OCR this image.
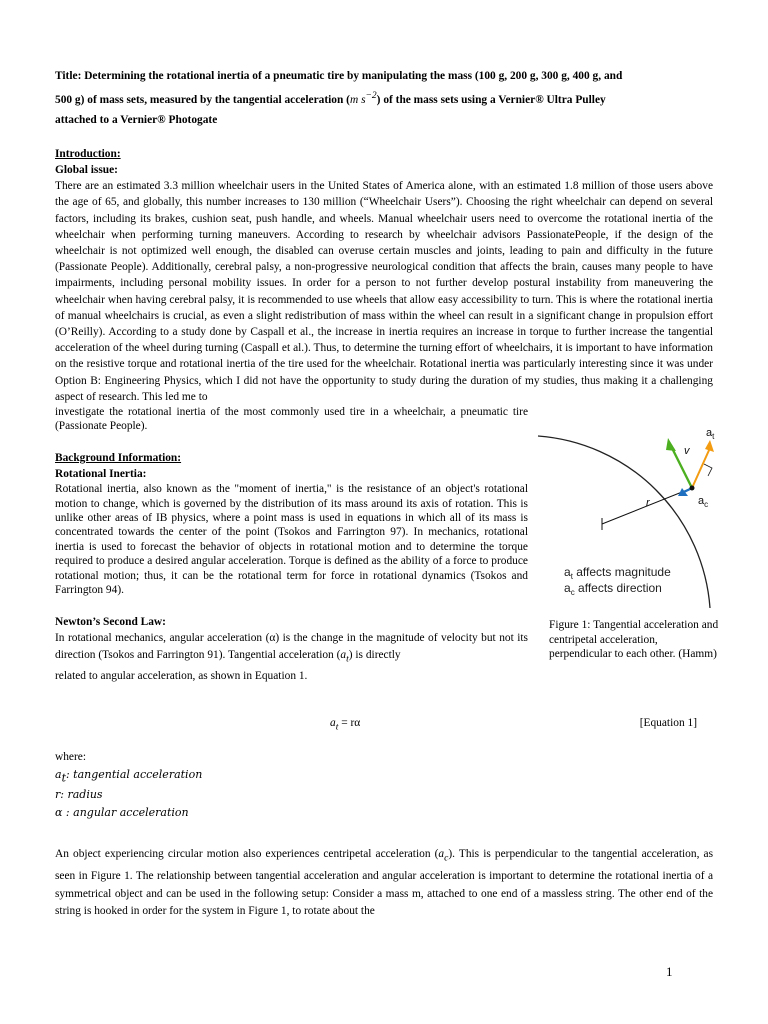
Title: Determining the rotational inertia of a pneumatic tire by manipulating the mass (100 g, 200 g, 300 g, 400 g, and
500 g) of mass sets, measured by the tangential acceleration (m $s^{-2}$) of the mass sets using a Vernier® Ultra Pulley
attached to a Vernier® Photogate
Introduction:
Global issue:
There are an estimated 3.3 million wheelchair users in the United States of America alone, with an estimated 1.8 million of those users above the age of 65, and globally, this number increases to 130 million (“Wheelchair Users”). Choosing the right wheelchair can depend on several factors, including its brakes, cushion seat, push handle, and wheels. Manual wheelchair users need to overcome the rotational inertia of the wheelchair when performing turning maneuvers. According to research by wheelchair advisors PassionatePeople, if the design of the wheelchair is not optimized well enough, the disabled can overuse certain muscles and joints, leading to pain and difficulty in the future (Passionate People). Additionally, cerebral palsy, a non-progressive neurological condition that affects the brain, causes many people to have impairments, including personal mobility issues. In order for a person to not further develop postural instability from maneuvering the wheelchair when having cerebral palsy, it is recommended to use wheels that allow easy accessibility to turn. This is where the rotational inertia of manual wheelchairs is crucial, as even a slight redistribution of mass within the wheel can result in a significant change in propulsion effort (O’Reilly). According to a study done by Caspall et al., the increase in inertia requires an increase in torque to further increase the tangential acceleration of the wheel during turning (Caspall et al.). Thus, to determine the turning effort of wheelchairs, it is important to have information on the resistive torque and rotational inertia of the tire used for the wheelchair. Rotational inertia was particularly interesting since it was under Option B: Engineering Physics, which I did not have the opportunity to study during the duration of my studies, thus making it a challenging aspect of research. This led me to
investigate the rotational inertia of the most commonly used tire in a wheelchair, a pneumatic tire (Passionate People).
Background Information:
Rotational Inertia:
Rotational inertia, also known as the "moment of inertia," is the resistance of an object's rotational motion to change, which is governed by the distribution of its mass around its axis of rotation. This is unlike other areas of IB physics, where a point mass is used in equations in which all of its mass is concentrated towards the center of the point (Tsokos and Farrington 97). In mechanics, rotational inertia is used to forecast the behavior of objects in rotational motion and to determine the torque required to produce a desired angular acceleration. Torque is defined as the ability of a force to produce rotational motion; thus, it can be the rotational term for force in rotational dynamics (Tsokos and Farrington 94).
Newton’s Second Law:
In rotational mechanics, angular acceleration (α) is the change in the magnitude of velocity but not its direction (Tsokos and Farrington 91). Tangential acceleration $(a_t)$ is directly
related to angular acceleration, as shown in Equation 1.
$a_t = r\alpha$	[Equation 1]
where:
$a_t$: tangential acceleration
r: radius
α : angular acceleration
An object experiencing circular motion also experiences centripetal acceleration $(a_c)$. This is perpendicular to the tangential acceleration, as seen in Figure 1. The relationship between tangential acceleration and angular acceleration is important to determine the rotational inertia of a symmetrical object and can be used in the following setup: Consider a mass m, attached to one end of a massless string. The other end of the string is hooked in order for the system in Figure 1, to rotate about the
$a_t$
v
$a_c$
r
$a_t$ affects magnitude
$a_c$ affects direction
Figure 1: Tangential acceleration and centripetal acceleration, perpendicular to each other. (Hamm)
1
